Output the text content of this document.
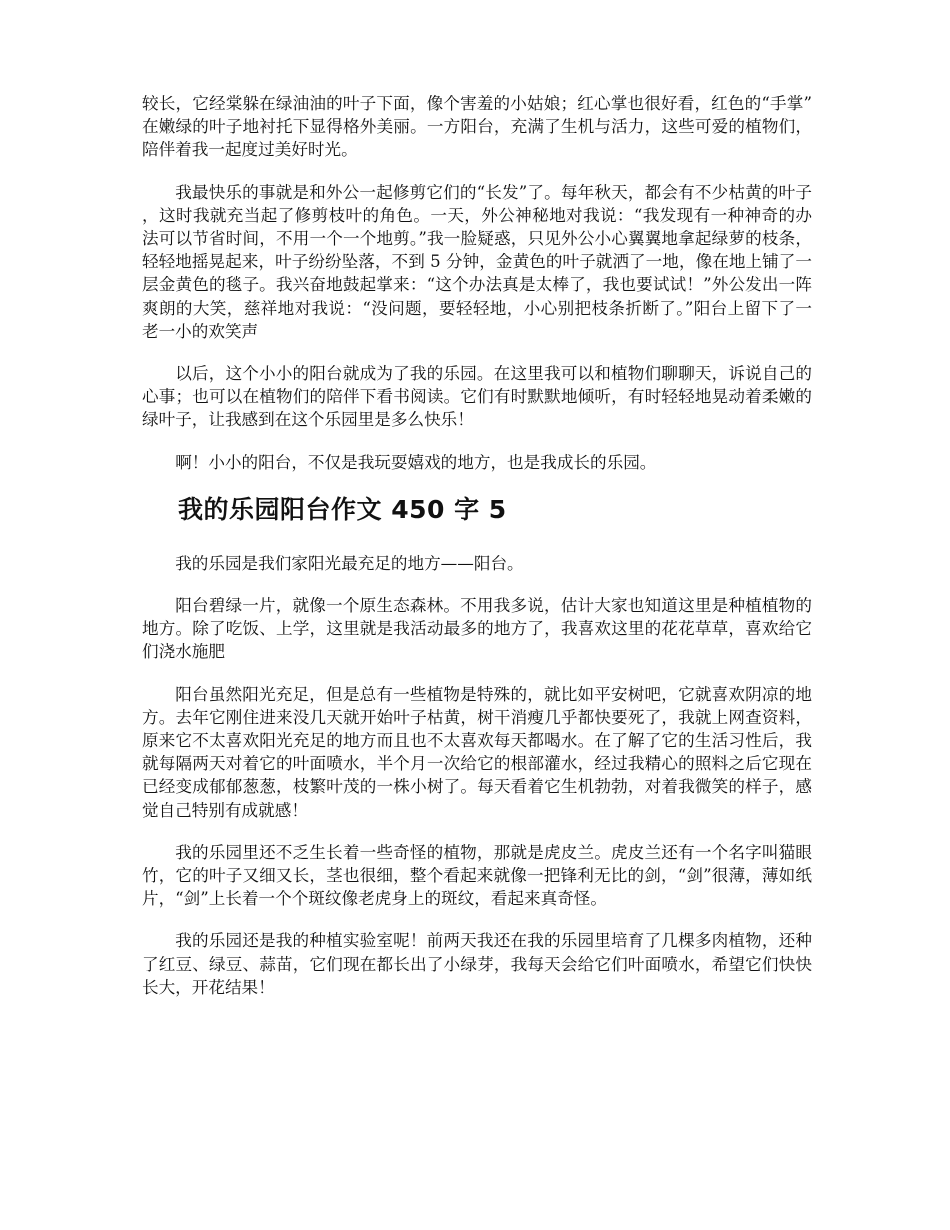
较长，它经棠躲在绿油油的叶子下面，像个害羞的小姑娘；红心掌也很好看，红色的“手掌”在嫩绿的叶子地衬托下显得格外美丽。一方阳台，充满了生机与活力，这些可爱的植物们，陪伴着我一起度过美好时光。

我最快乐的事就是和外公一起修剪它们的“长发”了。每年秋天，都会有不少枯黄的叶子，这时我就充当起了修剪枝叶的角色。一天，外公神秘地对我说：“我发现有一种神奇的办法可以节省时间，不用一个一个地剪。”我一脸疑惑，只见外公小心翼翼地拿起绿萝的枝条，轻轻地摇晃起来，叶子纷纷坠落，不到 5 分钟，金黄色的叶子就洒了一地，像在地上铺了一层金黄色的毯子。我兴奋地鼓起掌来：“这个办法真是太棒了，我也要试试！”外公发出一阵爽朗的大笑，慈祥地对我说：“没问题，要轻轻地，小心别把枝条折断了。”阳台上留下了一老一小的欢笑声

以后，这个小小的阳台就成为了我的乐园。在这里我可以和植物们聊聊天，诉说自己的心事；也可以在植物们的陪伴下看书阅读。它们有时默默地倾听，有时轻轻地晃动着柔嫩的绿叶子，让我感到在这个乐园里是多么快乐！

啊！小小的阳台，不仅是我玩耍嬉戏的地方，也是我成长的乐园。

我的乐园阳台作文 450 字 5

我的乐园是我们家阳光最充足的地方——阳台。

阳台碧绿一片，就像一个原生态森林。不用我多说，估计大家也知道这里是种植植物的地方。除了吃饭、上学，这里就是我活动最多的地方了，我喜欢这里的花花草草，喜欢给它们浇水施肥

阳台虽然阳光充足，但是总有一些植物是特殊的，就比如平安树吧，它就喜欢阴凉的地方。去年它刚住进来没几天就开始叶子枯黄，树干消瘦几乎都快要死了，我就上网查资料，原来它不太喜欢阳光充足的地方而且也不太喜欢每天都喝水。在了解了它的生活习性后，我就每隔两天对着它的叶面喷水，半个月一次给它的根部灌水，经过我精心的照料之后它现在已经变成郁郁葱葱，枝繁叶茂的一株小树了。每天看着它生机勃勃，对着我微笑的样子，感觉自己特别有成就感！

我的乐园里还不乏生长着一些奇怪的植物，那就是虎皮兰。虎皮兰还有一个名字叫猫眼竹，它的叶子又细又长，茎也很细，整个看起来就像一把锋利无比的剑，“剑”很薄，薄如纸片，“剑”上长着一个个斑纹像老虎身上的斑纹，看起来真奇怪。

我的乐园还是我的种植实验室呢！前两天我还在我的乐园里培育了几棵多肉植物，还种了红豆、绿豆、蒜苗，它们现在都长出了小绿芽，我每天会给它们叶面喷水，希望它们快快长大，开花结果！
